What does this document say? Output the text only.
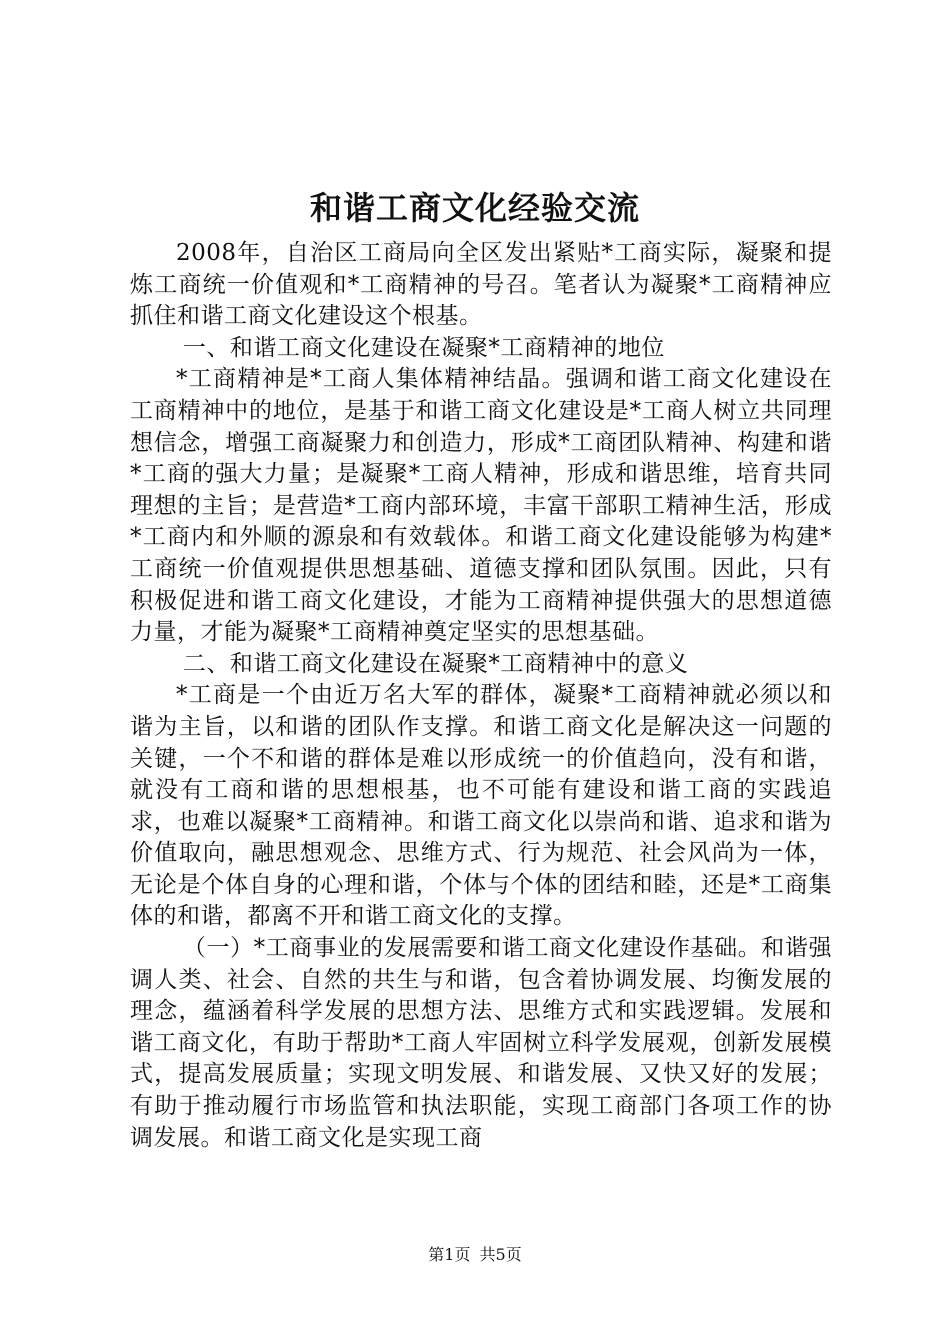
和谐工商文化经验交流

2008年，自治区工商局向全区发出紧贴*工商实际，凝聚和提炼工商统一价值观和*工商精神的号召。笔者认为凝聚*工商精神应抓住和谐工商文化建设这个根基。

一、和谐工商文化建设在凝聚*工商精神的地位

*工商精神是*工商人集体精神结晶。强调和谐工商文化建设在工商精神中的地位，是基于和谐工商文化建设是*工商人树立共同理想信念，增强工商凝聚力和创造力，形成*工商团队精神、构建和谐*工商的强大力量；是凝聚*工商人精神，形成和谐思维，培育共同理想的主旨；是营造*工商内部环境，丰富干部职工精神生活，形成*工商内和外顺的源泉和有效载体。和谐工商文化建设能够为构建*工商统一价值观提供思想基础、道德支撑和团队氛围。因此，只有积极促进和谐工商文化建设，才能为工商精神提供强大的思想道德力量，才能为凝聚*工商精神奠定坚实的思想基础。

二、和谐工商文化建设在凝聚*工商精神中的意义

*工商是一个由近万名大军的群体，凝聚*工商精神就必须以和谐为主旨，以和谐的团队作支撑。和谐工商文化是解决这一问题的关键，一个不和谐的群体是难以形成统一的价值趋向，没有和谐，就没有工商和谐的思想根基，也不可能有建设和谐工商的实践追求，也难以凝聚*工商精神。和谐工商文化以崇尚和谐、追求和谐为价值取向，融思想观念、思维方式、行为规范、社会风尚为一体，无论是个体自身的心理和谐，个体与个体的团结和睦，还是*工商集体的和谐，都离不开和谐工商文化的支撑。

（一）*工商事业的发展需要和谐工商文化建设作基础。和谐强调人类、社会、自然的共生与和谐，包含着协调发展、均衡发展的理念，蕴涵着科学发展的思想方法、思维方式和实践逻辑。发展和谐工商文化，有助于帮助*工商人牢固树立科学发展观，创新发展模式，提高发展质量；实现文明发展、和谐发展、又快又好的发展；有助于推动履行市场监管和执法职能，实现工商部门各项工作的协调发展。和谐工商文化是实现工商

第1页 共5页
